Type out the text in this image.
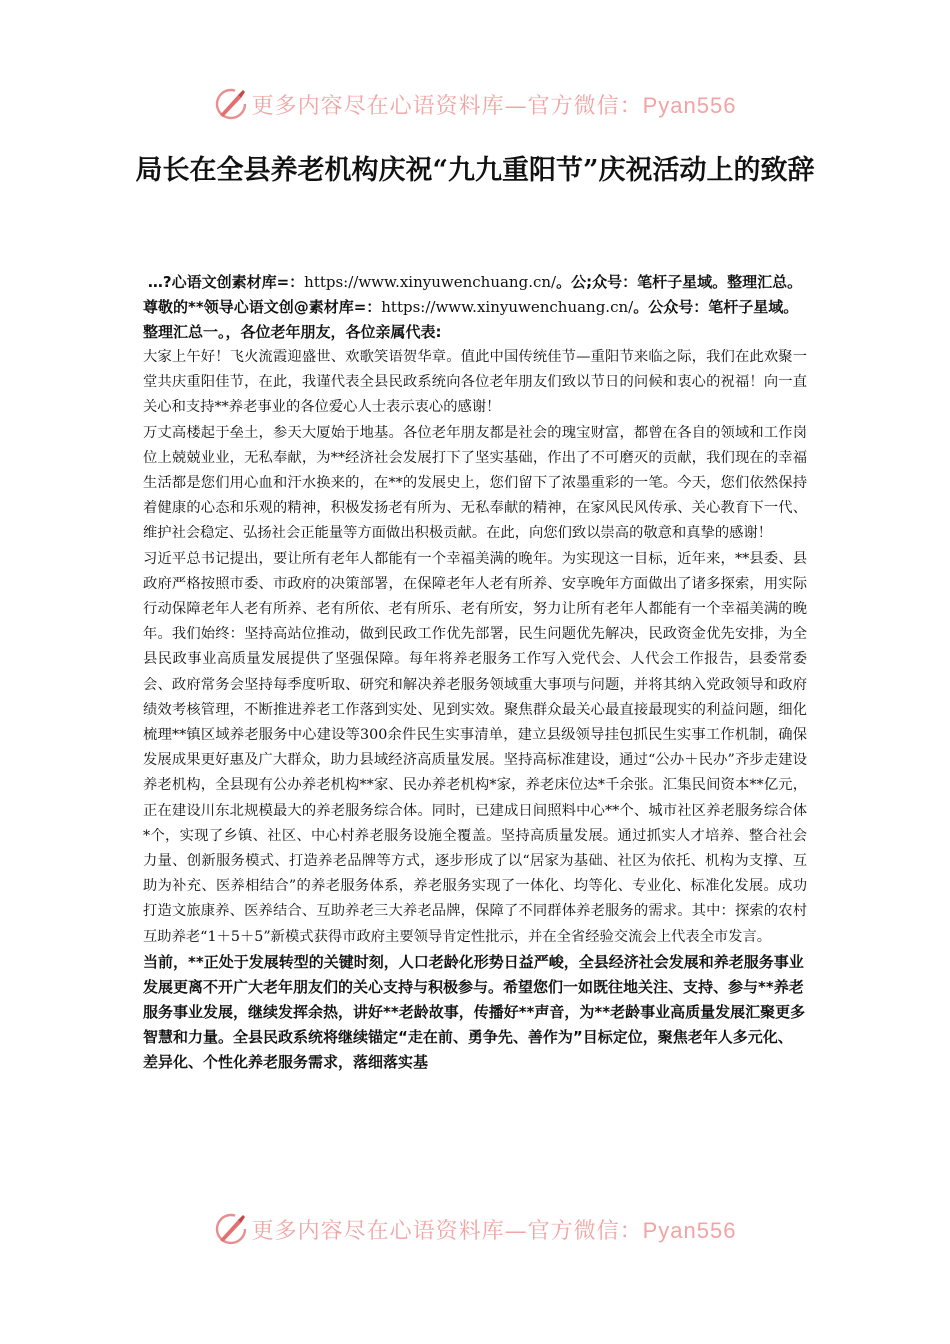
更多内容尽在心语资料库—官方微信：Pyan556
局长在全县养老机构庆祝“九九重阳节”庆祝活动上的致辞

…?心语文创素材库=：https://www.xinyuwenchuang.cn/。公;众号：笔杆子星域。整理汇总。

尊敬的**领导心语文创@素材库=：https://www.xinyuwenchuang.cn/。公众号：笔杆子星域。整理汇总一。，各位老年朋友，各位亲属代表:

大家上午好！飞火流霞迎盛世、欢歌笑语贺华章。值此中国传统佳节—重阳节来临之际，我们在此欢聚一堂共庆重阳佳节，在此，我谨代表全县民政系统向各位老年朋友们致以节日的问候和衷心的祝福！向一直关心和支持**养老事业的各位爱心人士表示衷心的感谢！

万丈高楼起于垒土，参天大厦始于地基。各位老年朋友都是社会的瑰宝财富，都曾在各自的领域和工作岗位上兢兢业业，无私奉献，为**经济社会发展打下了坚实基础，作出了不可磨灭的贡献，我们现在的幸福生活都是您们用心血和汗水换来的，在**的发展史上，您们留下了浓墨重彩的一笔。今天，您们依然保持着健康的心态和乐观的精神，积极发扬老有所为、无私奉献的精神，在家风民风传承、关心教育下一代、维护社会稳定、弘扬社会正能量等方面做出积极贡献。在此，向您们致以崇高的敬意和真挚的感谢！

习近平总书记提出，要让所有老年人都能有一个幸福美满的晚年。为实现这一目标，近年来，**县委、县政府严格按照市委、市政府的决策部署，在保障老年人老有所养、安享晚年方面做出了诸多探索，用实际行动保障老年人老有所养、老有所依、老有所乐、老有所安，努力让所有老年人都能有一个幸福美满的晚年。我们始终：坚持高站位推动，做到民政工作优先部署，民生问题优先解决，民政资金优先安排，为全县民政事业高质量发展提供了坚强保障。每年将养老服务工作写入党代会、人代会工作报告，县委常委会、政府常务会坚持每季度听取、研究和解决养老服务领域重大事项与问题，并将其纳入党政领导和政府绩效考核管理，不断推进养老工作落到实处、见到实效。聚焦群众最关心最直接最现实的利益问题，细化梳理**镇区域养老服务中心建设等300余件民生实事清单，建立县级领导挂包抓民生实事工作机制，确保发展成果更好惠及广大群众，助力县域经济高质量发展。坚持高标准建设，通过“公办＋民办”齐步走建设养老机构，全县现有公办养老机构**家、民办养老机构*家，养老床位达*千余张。汇集民间资本**亿元，正在建设川东北规模最大的养老服务综合体。同时，已建成日间照料中心**个、城市社区养老服务综合体*个，实现了乡镇、社区、中心村养老服务设施全覆盖。坚持高质量发展。通过抓实人才培养、整合社会力量、创新服务模式、打造养老品牌等方式，逐步形成了以“居家为基础、社区为依托、机构为支撑、互助为补充、医养相结合”的养老服务体系，养老服务实现了一体化、均等化、专业化、标准化发展。成功打造文旅康养、医养结合、互助养老三大养老品牌，保障了不同群体养老服务的需求。其中：探索的农村互助养老“1＋5＋5”新模式获得市政府主要领导肯定性批示，并在全省经验交流会上代表全市发言。

当前，**正处于发展转型的关键时刻，人口老龄化形势日益严峻，全县经济社会发展和养老服务事业发展更离不开广大老年朋友们的关心支持与积极参与。希望您们一如既往地关注、支持、参与**养老服务事业发展，继续发挥余热，讲好**老龄故事，传播好**声音，为**老龄事业高质量发展汇聚更多智慧和力量。全县民政系统将继续锚定“走在前、勇争先、善作为”目标定位，聚焦老年人多元化、差异化、个性化养老服务需求，落细落实基

更多内容尽在心语资料库—官方微信：Pyan556
